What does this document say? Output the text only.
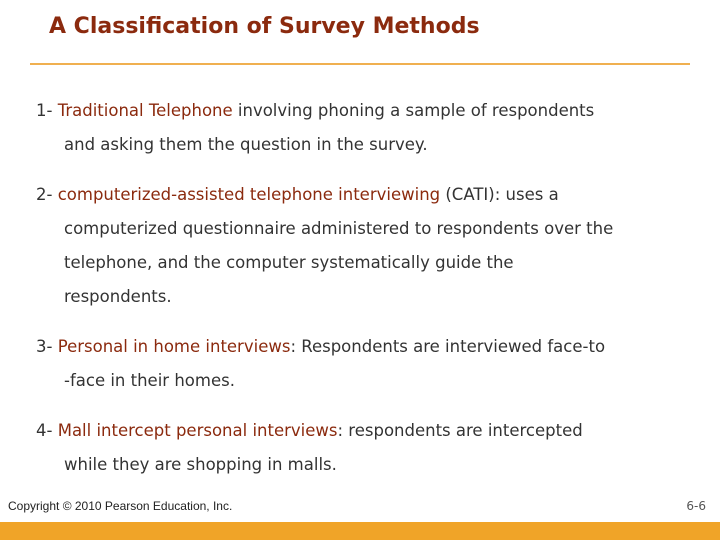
A Classification of Survey Methods
1- Traditional Telephone involving phoning a sample of respondents
and asking them the question in the survey.
2- computerized-assisted telephone interviewing (CATI): uses a
computerized questionnaire administered to respondents over the
telephone, and the computer systematically guide the
respondents.
3- Personal in home interviews: Respondents are interviewed face-to
-face in their homes.
4- Mall intercept personal interviews: respondents are intercepted
while they are shopping in malls.
Copyright © 2010 Pearson Education, Inc.	6-6
